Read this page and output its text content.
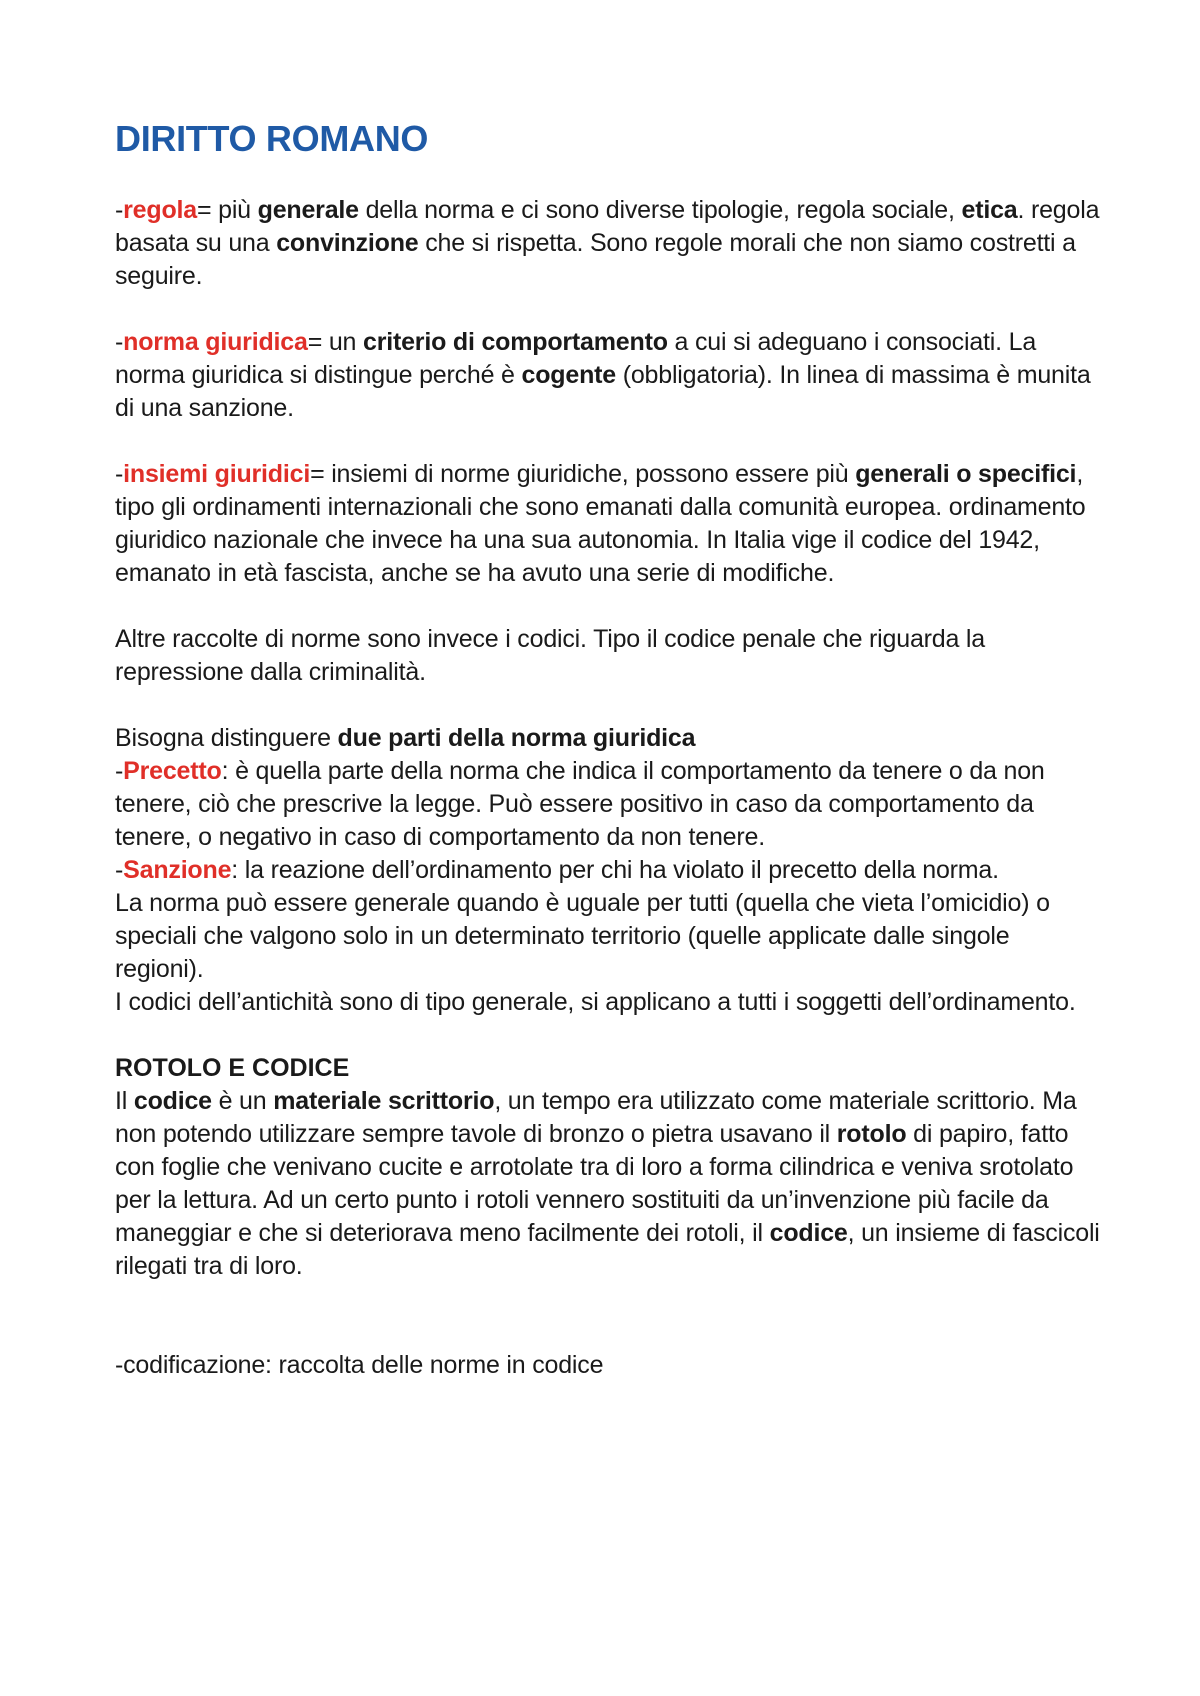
DIRITTO ROMANO

-regola= più generale della norma e ci sono diverse tipologie, regola sociale, etica. regola basata su una convinzione che si rispetta. Sono regole morali che non siamo costretti a seguire.

-norma giuridica= un criterio di comportamento a cui si adeguano i consociati. La norma giuridica si distingue perché è cogente (obbligatoria). In linea di massima è munita di una sanzione.

-insiemi giuridici= insiemi di norme giuridiche, possono essere più generali o specifici, tipo gli ordinamenti internazionali che sono emanati dalla comunità europea. ordinamento giuridico nazionale che invece ha una sua autonomia. In Italia vige il codice del 1942, emanato in età fascista, anche se ha avuto una serie di modifiche.

Altre raccolte di norme sono invece i codici. Tipo il codice penale che riguarda la repressione dalla criminalità.

Bisogna distinguere due parti della norma giuridica

-Precetto: è quella parte della norma che indica il comportamento da tenere o da non tenere, ciò che prescrive la legge. Può essere positivo in caso da comportamento da tenere, o negativo in caso di comportamento da non tenere.

-Sanzione: la reazione dell’ordinamento per chi ha violato il precetto della norma.

La norma può essere generale quando è uguale per tutti (quella che vieta l’omicidio) o speciali che valgono solo in un determinato territorio (quelle applicate dalle singole regioni).

I codici dell’antichità sono di tipo generale, si applicano a tutti i soggetti dell’ordinamento.

ROTOLO E CODICE

Il codice è un materiale scrittorio, un tempo era utilizzato come materiale scrittorio. Ma non potendo utilizzare sempre tavole di bronzo o pietra usavano il rotolo di papiro, fatto con foglie che venivano cucite e arrotolate tra di loro a forma cilindrica e veniva srotolato per la lettura. Ad un certo punto i rotoli vennero sostituiti da un’invenzione più facile da maneggiar e che si deteriorava meno facilmente dei rotoli, il codice, un insieme di fascicoli rilegati tra di loro.

-codificazione: raccolta delle norme in codice
